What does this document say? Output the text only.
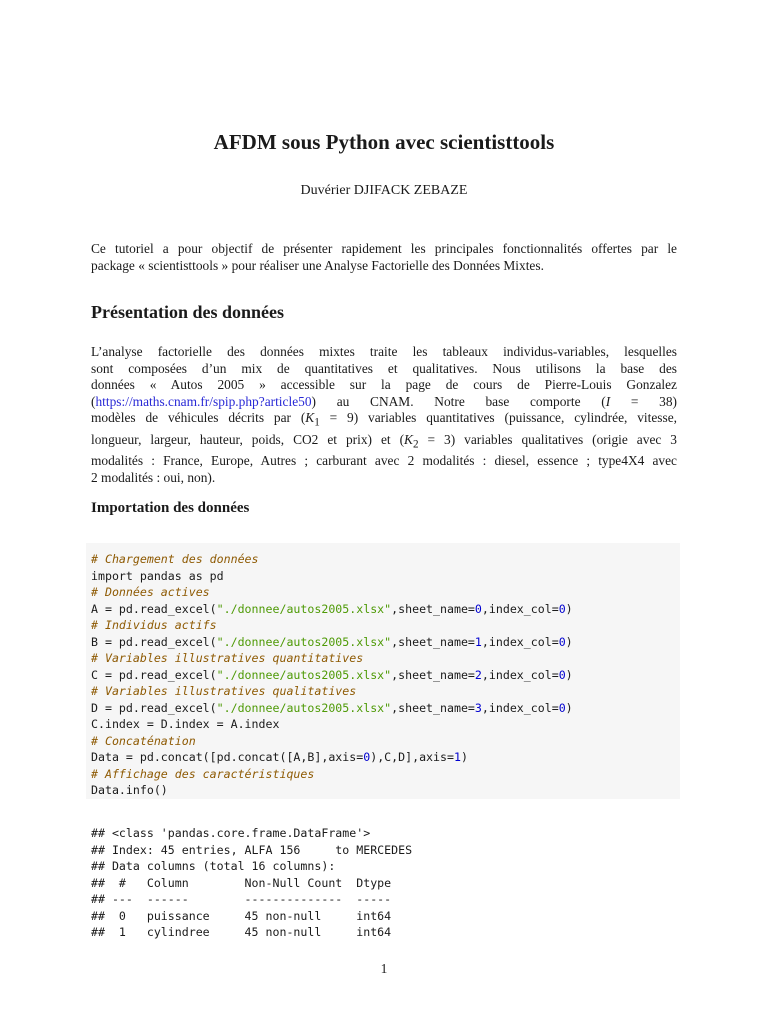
AFDM sous Python avec scientisttools
Duvérier DJIFACK ZEBAZE
Ce tutoriel a pour objectif de présenter rapidement les principales fonctionnalités offertes par le
package « scientisttools » pour réaliser une Analyse Factorielle des Données Mixtes.
Présentation des données
L’analyse factorielle des données mixtes traite les tableaux individus-variables, lesquelles
sont composées d’un mix de quantitatives et qualitatives. Nous utilisons la base des
données « Autos 2005 » accessible sur la page de cours de Pierre-Louis Gonzalez
(https://maths.cnam.fr/spip.php?article50) au CNAM. Notre base comporte (I = 38)
modèles de véhicules décrits par $(K_1 = 9)$ variables quantitatives (puissance, cylindrée, vitesse,
longueur, largeur, hauteur, poids, CO2 et prix) et $(K_2 = 3)$ variables qualitatives (origie avec 3
modalités : France, Europe, Autres ; carburant avec 2 modalités : diesel, essence ; type4X4 avec
2 modalités : oui, non).
Importation des données
# Chargement des données
import pandas as pd
# Données actives
A = pd.read_excel("./donnee/autos2005.xlsx",sheet_name=0,index_col=0)
# Individus actifs
B = pd.read_excel("./donnee/autos2005.xlsx",sheet_name=1,index_col=0)
# Variables illustratives quantitatives
C = pd.read_excel("./donnee/autos2005.xlsx",sheet_name=2,index_col=0)
# Variables illustratives qualitatives
D = pd.read_excel("./donnee/autos2005.xlsx",sheet_name=3,index_col=0)
C.index = D.index = A.index
# Concaténation
Data = pd.concat([pd.concat([A,B],axis=0),C,D],axis=1)
# Affichage des caractéristiques
Data.info()
## <class 'pandas.core.frame.DataFrame'>
## Index: 45 entries, ALFA 156     to MERCEDES
## Data columns (total 16 columns):
##  #   Column        Non-Null Count  Dtype
## ---  ------        --------------  -----
##  0   puissance     45 non-null     int64
##  1   cylindree     45 non-null     int64
1
